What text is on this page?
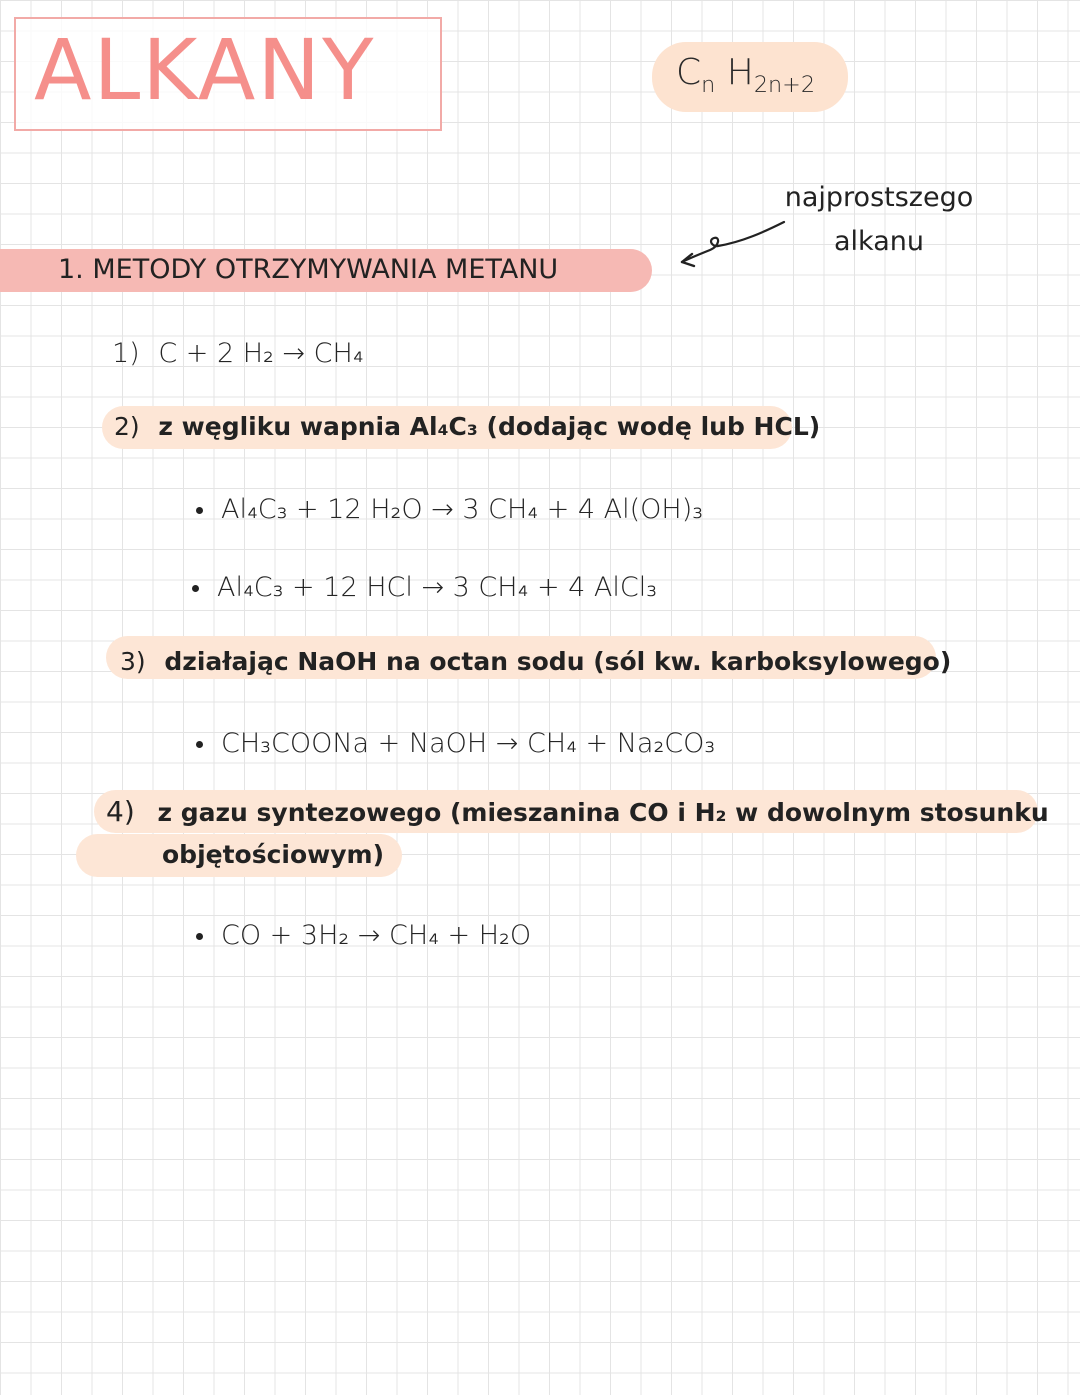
ALKANY	$C_n$ $H_{2n+2}$
najprostszego
alkanu
1. METODY OTRZYMYWANIA METANU
1) C + 2 H₂ → CH₄
2) z węgliku wapnia Al₄C₃ (dodając wodę lub HCL)
Al₄C₃ + 12 H₂O → 3 CH₄ + 4 Al(OH)₃
Al₄C₃ + 12 HCl → 3 CH₄ + 4 AlCl₃
3) działając NaOH na octan sodu (sól kw. karboksylowego)
CH₃COONa + NaOH → CH₄ + Na₂CO₃
4) z gazu syntezowego (mieszanina CO i H₂ w dowolnym stosunku
objętościowym)
CO + 3H₂ → CH₄ + H₂O
